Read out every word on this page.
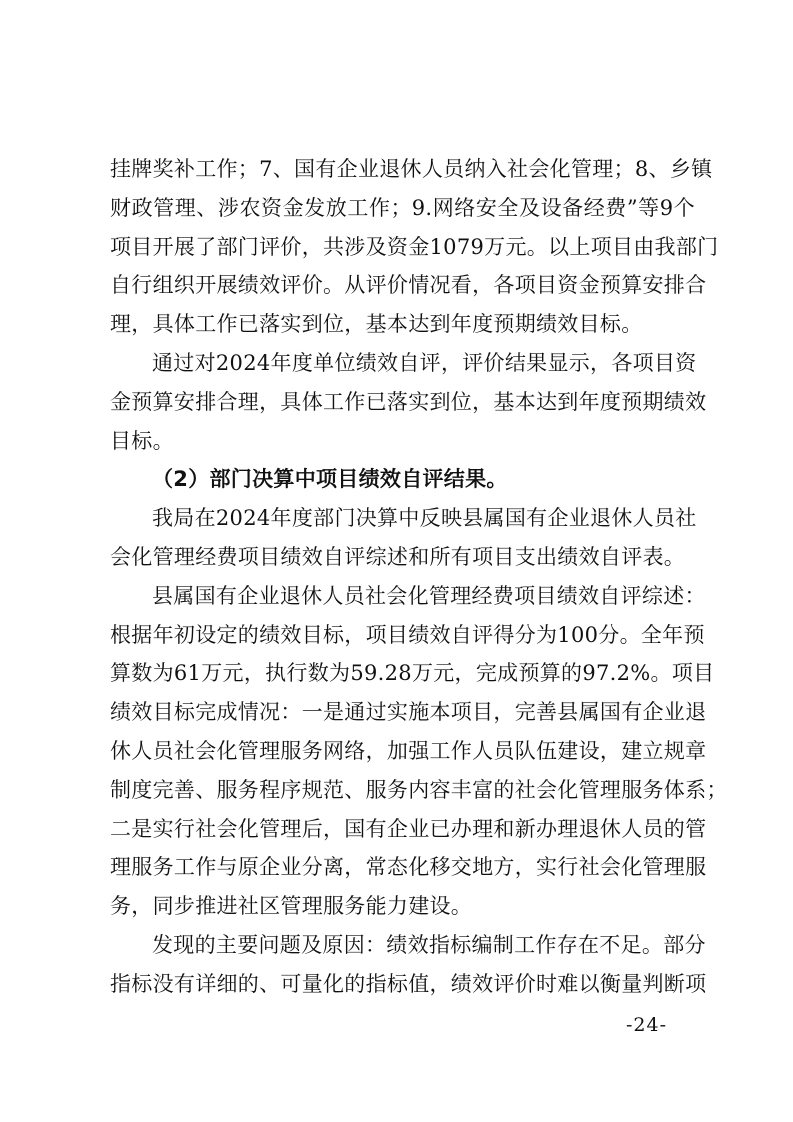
挂牌奖补工作；7、国有企业退休人员纳入社会化管理；8、乡镇
财政管理、涉农资金发放工作；9.网络安全及设备经费”等9个
项目开展了部门评价，共涉及资金1079万元。以上项目由我部门
自行组织开展绩效评价。从评价情况看，各项目资金预算安排合
理，具体工作已落实到位，基本达到年度预期绩效目标。
通过对2024年度单位绩效自评，评价结果显示，各项目资
金预算安排合理，具体工作已落实到位，基本达到年度预期绩效
目标。
（2）部门决算中项目绩效自评结果。
我局在2024年度部门决算中反映县属国有企业退休人员社
会化管理经费项目绩效自评综述和所有项目支出绩效自评表。
县属国有企业退休人员社会化管理经费项目绩效自评综述：
根据年初设定的绩效目标，项目绩效自评得分为100分。全年预
算数为61万元，执行数为59.28万元，完成预算的97.2%。项目
绩效目标完成情况：一是通过实施本项目，完善县属国有企业退
休人员社会化管理服务网络，加强工作人员队伍建设，建立规章
制度完善、服务程序规范、服务内容丰富的社会化管理服务体系；
二是实行社会化管理后，国有企业已办理和新办理退休人员的管
理服务工作与原企业分离，常态化移交地方，实行社会化管理服
务，同步推进社区管理服务能力建设。
发现的主要问题及原因：绩效指标编制工作存在不足。部分
指标没有详细的、可量化的指标值，绩效评价时难以衡量判断项
-24-
